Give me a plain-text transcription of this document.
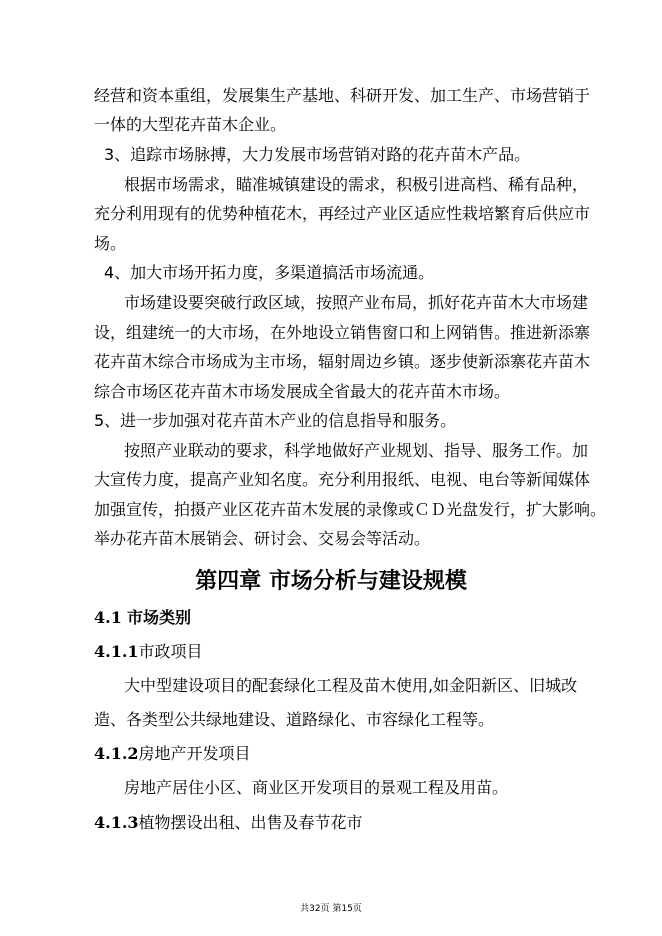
经营和资本重组，发展集生产基地、科研开发、加工生产、市场营销于
一体的大型花卉苗木企业。
3、追踪市场脉搏，大力发展市场营销对路的花卉苗木产品。
根据市场需求，瞄准城镇建设的需求，积极引进高档、稀有品种，
充分利用现有的优势种植花木，再经过产业区适应性栽培繁育后供应市
场。
4、加大市场开拓力度，多渠道搞活市场流通。
市场建设要突破行政区域，按照产业布局，抓好花卉苗木大市场建
设，组建统一的大市场，在外地设立销售窗口和上网销售。推进新添寨
花卉苗木综合市场成为主市场，辐射周边乡镇。逐步使新添寨花卉苗木
综合市场区花卉苗木市场发展成全省最大的花卉苗木市场。
5、进一步加强对花卉苗木产业的信息指导和服务。
按照产业联动的要求，科学地做好产业规划、指导、服务工作。加
大宣传力度，提高产业知名度。充分利用报纸、电视、电台等新闻媒体
加强宣传，拍摄产业区花卉苗木发展的录像或ＣＤ光盘发行，扩大影响。
举办花卉苗木展销会、研讨会、交易会等活动。
第四章 市场分析与建设规模
4.1 市场类别
4.1.1市政项目
大中型建设项目的配套绿化工程及苗木使用,如金阳新区、旧城改
造、各类型公共绿地建设、道路绿化、市容绿化工程等。
4.1.2房地产开发项目
房地产居住小区、商业区开发项目的景观工程及用苗。
4.1.3植物摆设出租、出售及春节花市
共32页 第15页
